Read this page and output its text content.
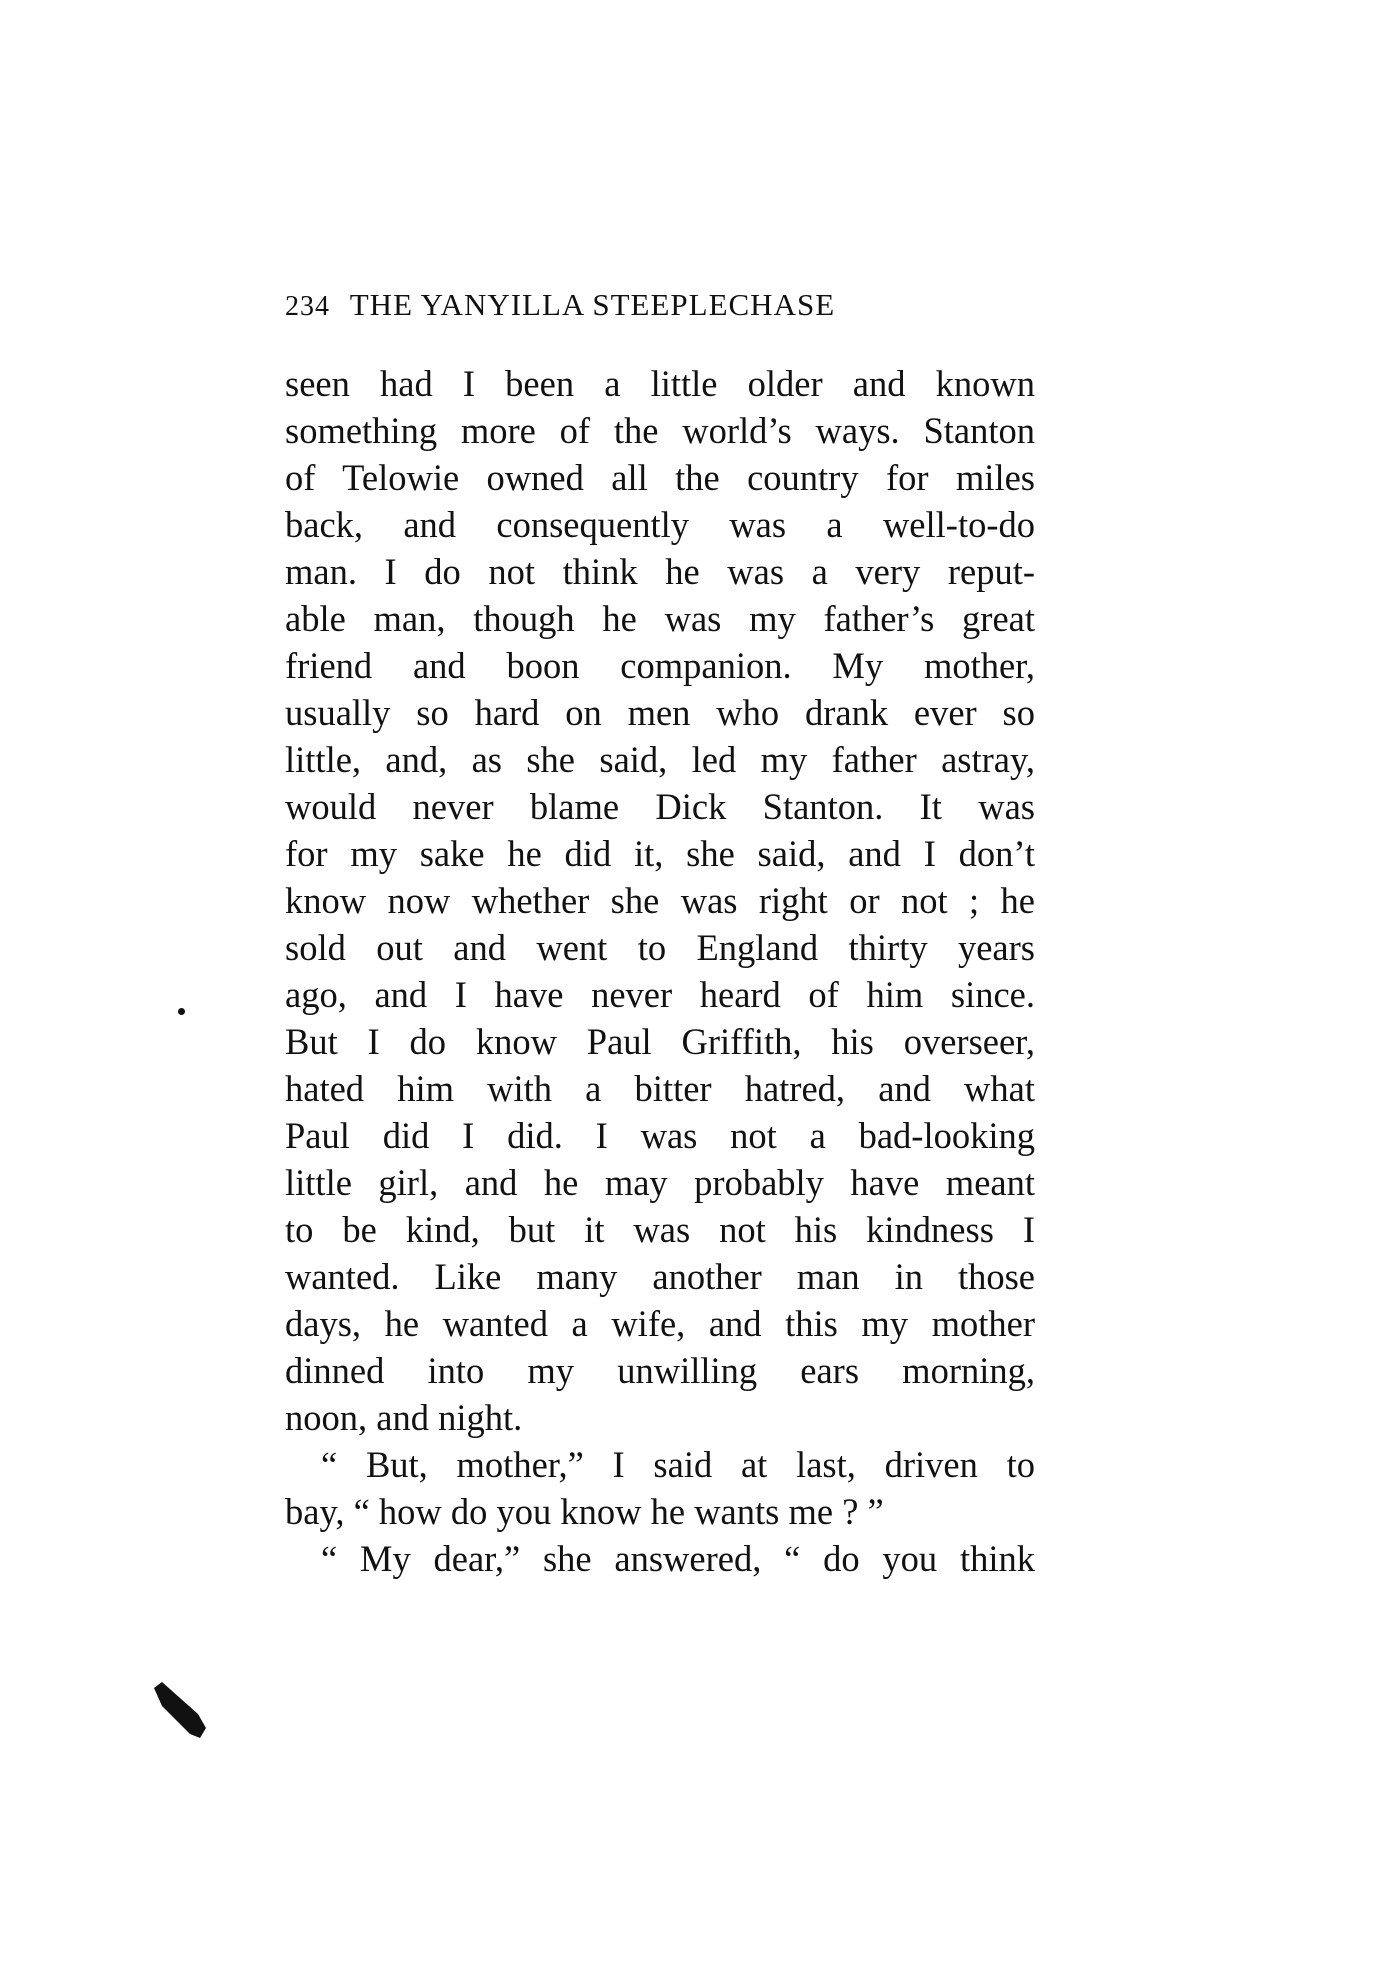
234 THE YANYILLA STEEPLECHASE
seen had I been a little older and known
something more of the world’s ways. Stanton
of Telowie owned all the country for miles
back, and consequently was a well-to-do
man. I do not think he was a very reput-
able man, though he was my father’s great
friend and boon companion. My mother,
usually so hard on men who drank ever so
little, and, as she said, led my father astray,
would never blame Dick Stanton. It was
for my sake he did it, she said, and I don’t
know now whether she was right or not ; he
sold out and went to England thirty years
ago, and I have never heard of him since.
But I do know Paul Griffith, his overseer,
hated him with a bitter hatred, and what
Paul did I did. I was not a bad-looking
little girl, and he may probably have meant
to be kind, but it was not his kindness I
wanted. Like many another man in those
days, he wanted a wife, and this my mother
dinned into my unwilling ears morning,
noon, and night.
“ But, mother,” I said at last, driven to
bay, “ how do you know he wants me ? ”
“ My dear,” she answered, “ do you think
